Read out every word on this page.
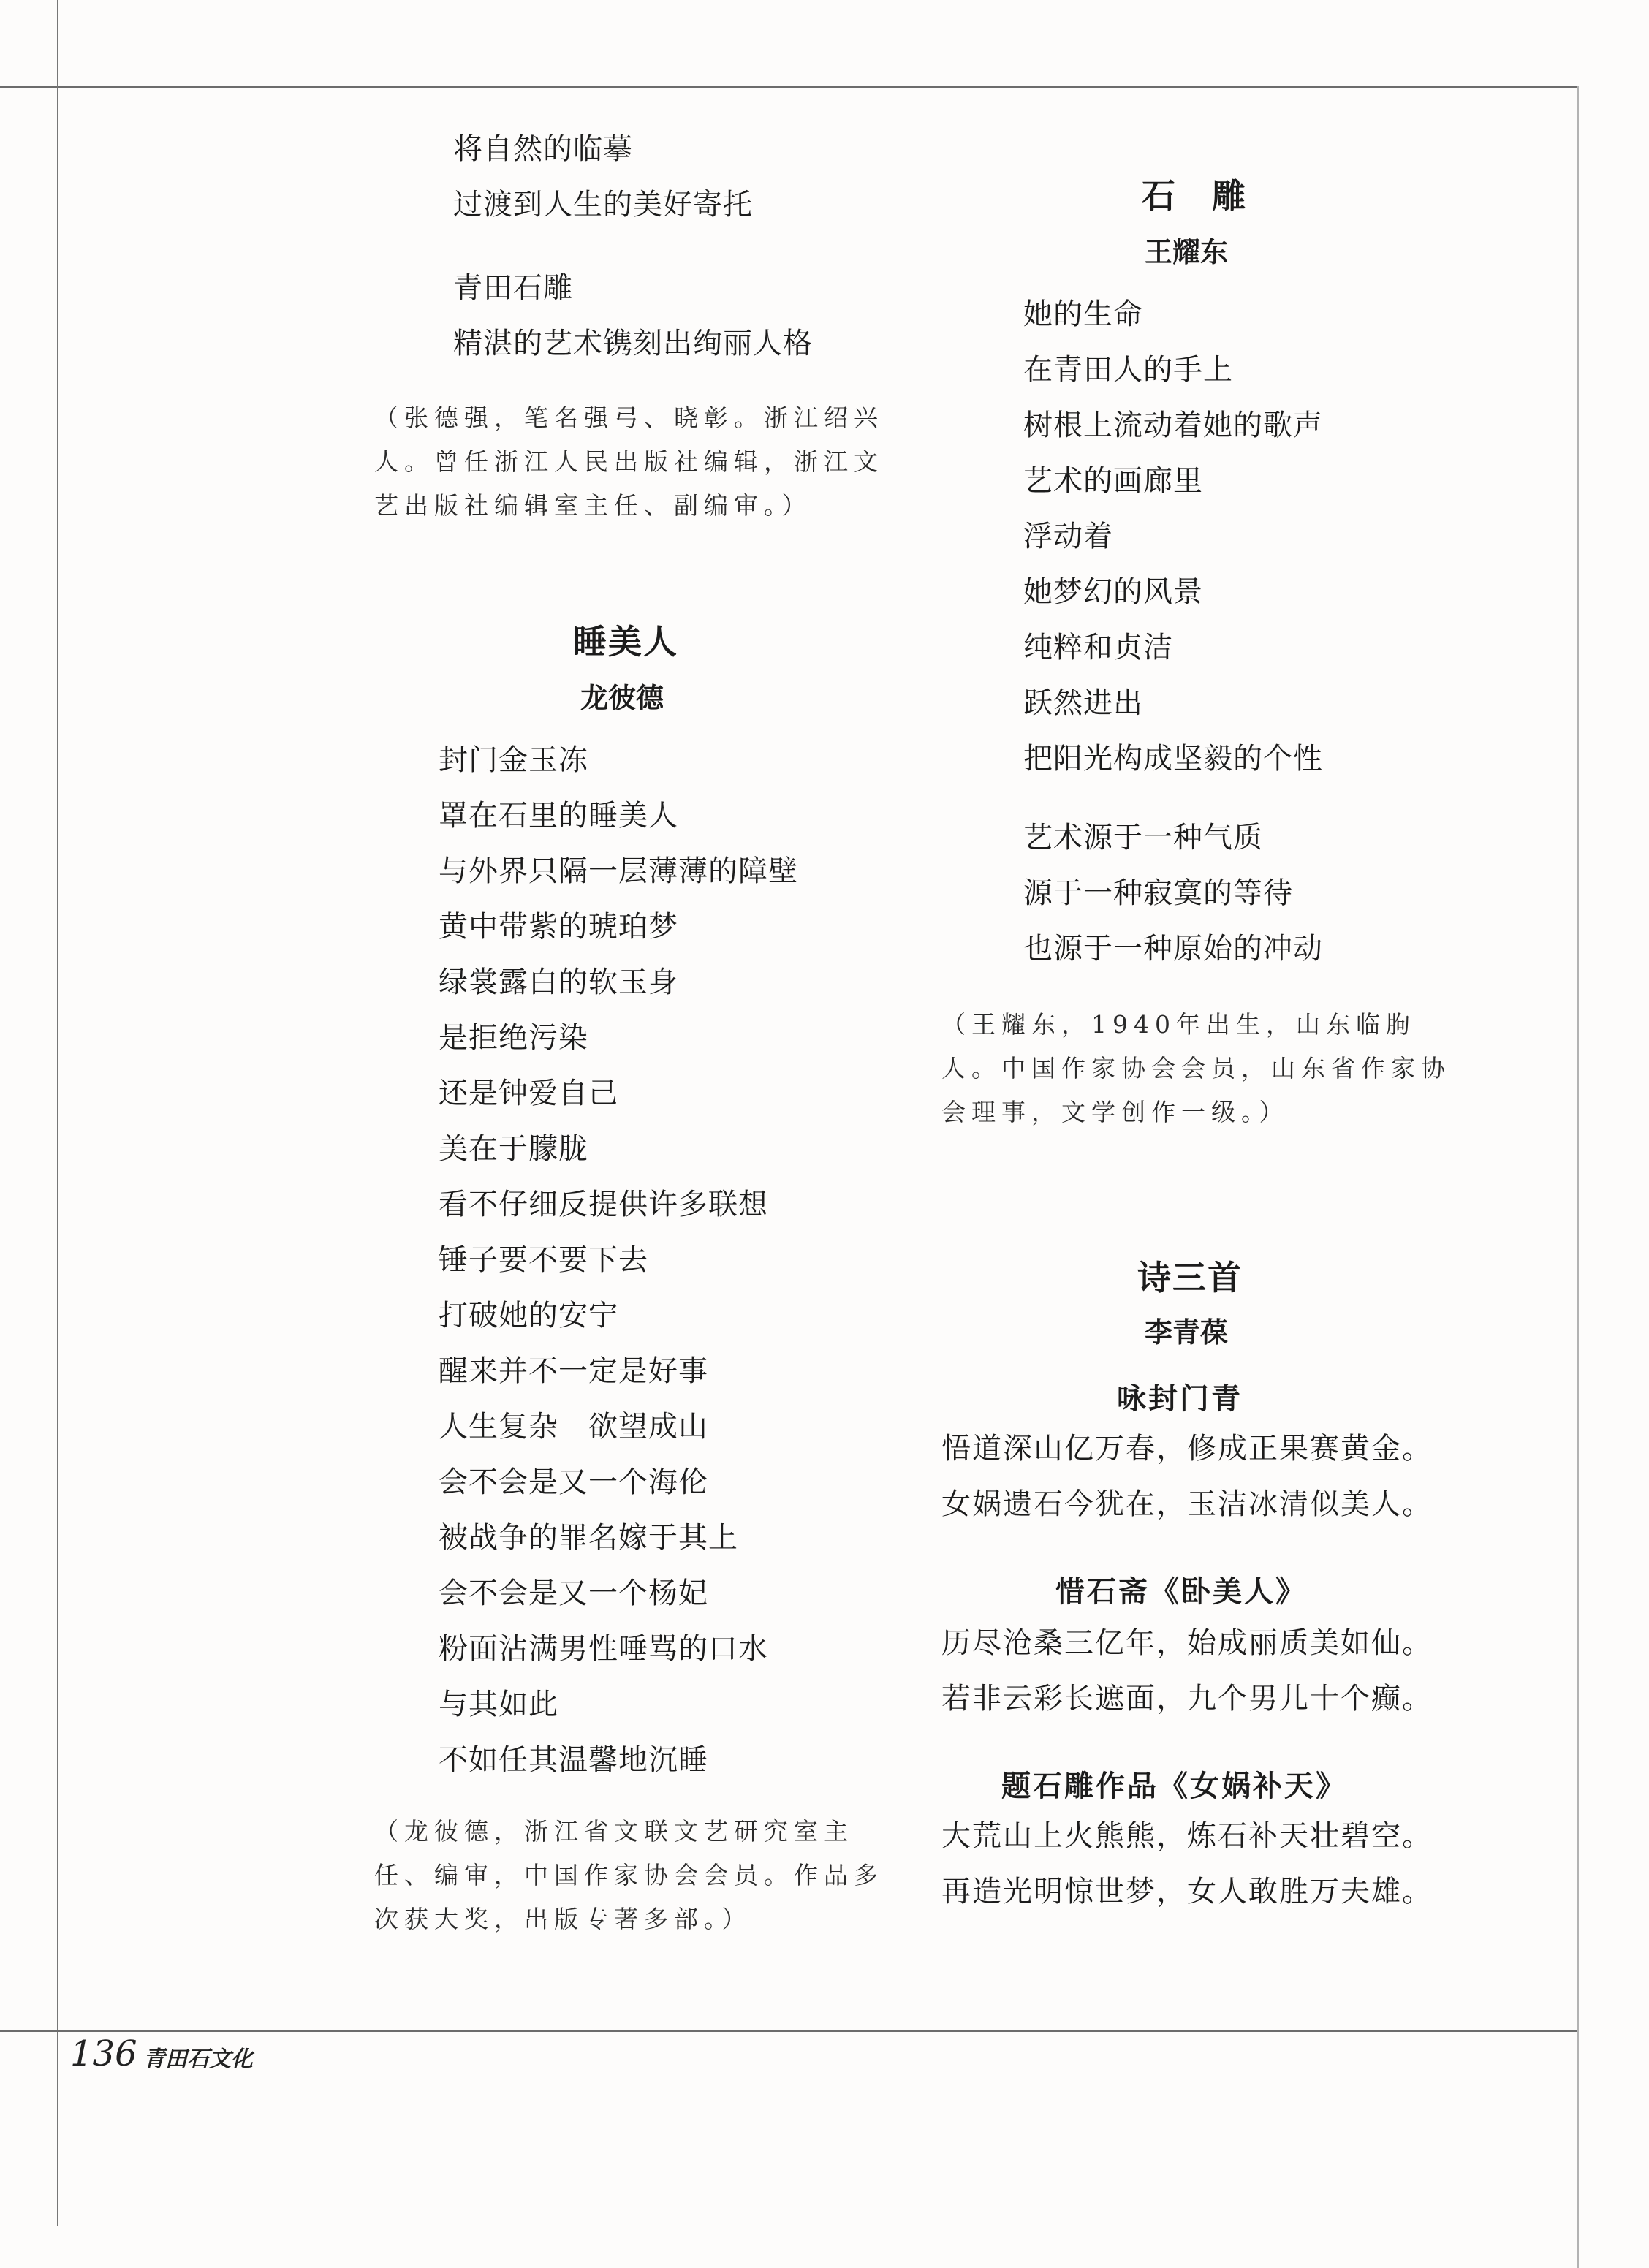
将自然的临摹
过渡到人生的美好寄托
青田石雕
精湛的艺术镌刻出绚丽人格
（张德强，笔名强弓、晓彰。浙江绍兴人。曾任浙江人民出版社编辑，浙江文艺出版社编辑室主任、副编审。）
睡美人
龙彼德
封门金玉冻
罩在石里的睡美人
与外界只隔一层薄薄的障壁
黄中带紫的琥珀梦
绿裳露白的软玉身
是拒绝污染
还是钟爱自己
美在于朦胧
看不仔细反提供许多联想
锤子要不要下去
打破她的安宁
醒来并不一定是好事
人生复杂　欲望成山
会不会是又一个海伦
被战争的罪名嫁于其上
会不会是又一个杨妃
粉面沾满男性唾骂的口水
与其如此
不如任其温馨地沉睡
（龙彼德，浙江省文联文艺研究室主任、编审，中国作家协会会员。作品多次获大奖，出版专著多部。）
石　雕
王耀东
她的生命
在青田人的手上
树根上流动着她的歌声
艺术的画廊里
浮动着
她梦幻的风景
纯粹和贞洁
跃然进出
把阳光构成坚毅的个性
艺术源于一种气质
源于一种寂寞的等待
也源于一种原始的冲动
（王耀东，1940年出生，山东临朐人。中国作家协会会员，山东省作家协会理事，文学创作一级。）
诗三首
李青葆
咏封门青
悟道深山亿万春，修成正果赛黄金。
女娲遗石今犹在，玉洁冰清似美人。
惜石斋《卧美人》
历尽沧桑三亿年，始成丽质美如仙。
若非云彩长遮面，九个男儿十个癫。
题石雕作品《女娲补天》
大荒山上火熊熊，炼石补天壮碧空。
再造光明惊世梦，女人敢胜万夫雄。
136 青田石文化
